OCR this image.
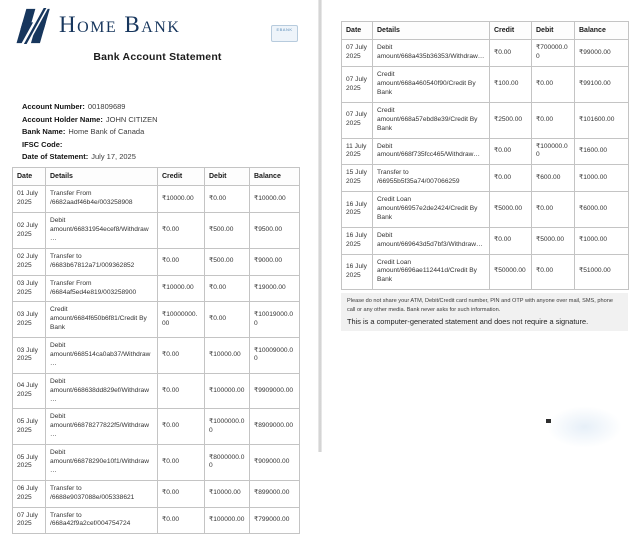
Home Bank	EBANK
Bank Account Statement
Account Number: 001809689
Account Holder Name: JOHN CITIZEN
Bank Name: Home Bank of Canada
IFSC Code:
Date of Statement: July 17, 2025
Date	Details	Credit	Debit	Balance
01 July 2025	Transfer From /6682aadf46b4e/003258908	₹10000.00	₹0.00	₹10000.00
02 July 2025	Debit amount/66831954ecef8/Withdraw…	₹0.00	₹500.00	₹9500.00
02 July 2025	Transfer to /6683b67812a71/009362852	₹0.00	₹500.00	₹9000.00
03 July 2025	Transfer From /6684af5ed4e819/003258900	₹10000.00	₹0.00	₹19000.00
03 July 2025	Credit amount/6684f650b6f81/Credit By Bank	₹10000000.00	₹0.00	₹10019000.00
03 July 2025	Debit amount/668514ca0ab37/Withdraw…	₹0.00	₹10000.00	₹10009000.00
04 July 2025	Debit amount/668638dd829ef/Withdraw…	₹0.00	₹100000.00	₹9909000.00
05 July 2025	Debit amount/66878277822f5/Withdraw…	₹0.00	₹1000000.00	₹8909000.00
05 July 2025	Debit amount/66878290e10f1/Withdraw…	₹0.00	₹8000000.00	₹909000.00
06 July 2025	Transfer to /6688e9037088e/005338621	₹0.00	₹10000.00	₹899000.00
07 July 2025	Transfer to /668a42f9a2cef/004754724	₹0.00	₹100000.00	₹799000.00
Date	Details	Credit	Debit	Balance
07 July 2025	Debit amount/668a435b36353/Withdraw…	₹0.00	₹700000.00	₹99000.00
07 July 2025	Credit amount/668a460540f90/Credit By Bank	₹100.00	₹0.00	₹99100.00
07 July 2025	Credit amount/668a57ebd8e39/Credit By Bank	₹2500.00	₹0.00	₹101600.00
11 July 2025	Debit amount/668f735fcc465/Withdraw…	₹0.00	₹100000.00	₹1600.00
15 July 2025	Transfer to /66955b5f35a74/007066259	₹0.00	₹600.00	₹1000.00
16 July 2025	Credit Loan amount/66957e2de2424/Credit By Bank	₹5000.00	₹0.00	₹6000.00
16 July 2025	Debit amount/669643d5d7bf3/Withdraw…	₹0.00	₹5000.00	₹1000.00
16 July 2025	Credit Loan amount/6696ae112441d/Credit By Bank	₹50000.00	₹0.00	₹51000.00

Please do not share your ATM, Debit/Credit card number, PIN and OTP with anyone over mail, SMS, phone call or any other media. Bank never asks for such information.

This is a computer-generated statement and does not require a signature.
